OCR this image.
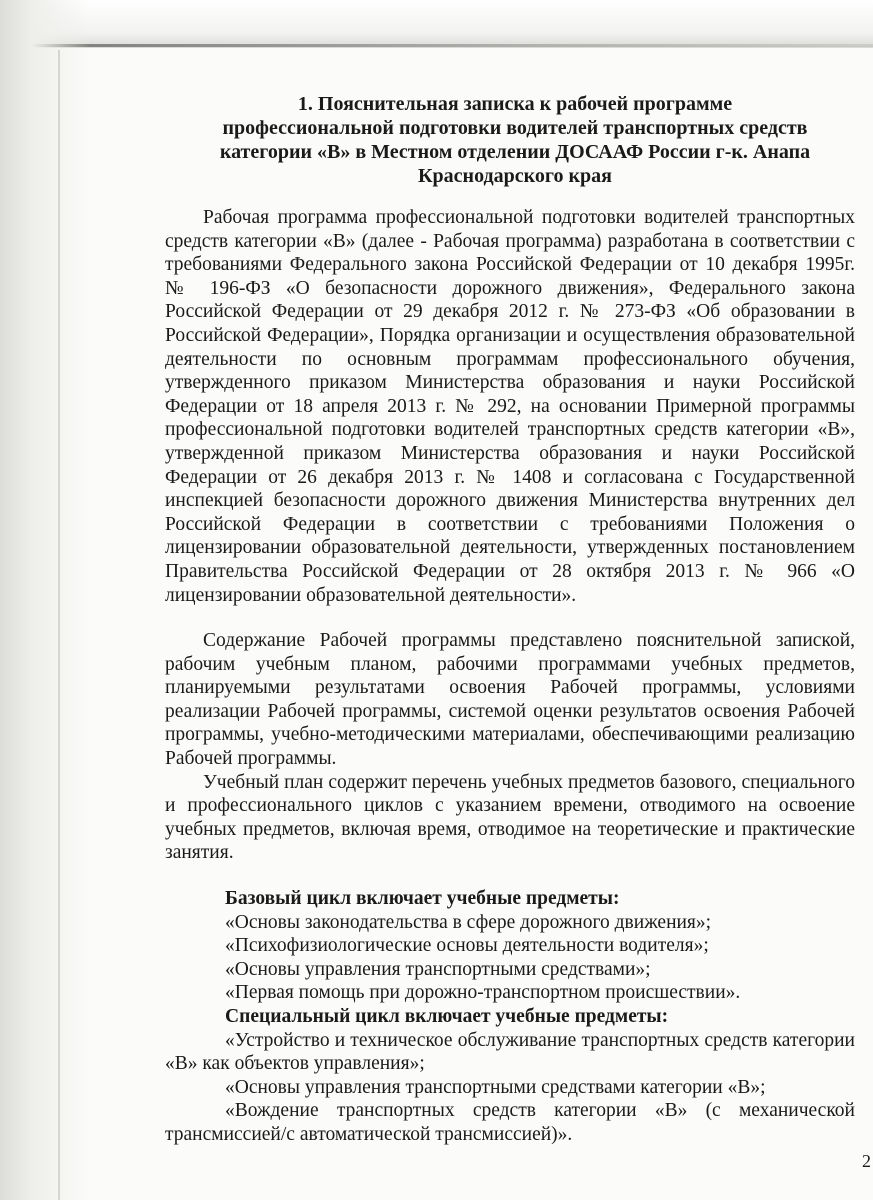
1. Пояснительная записка к рабочей программе
профессиональной подготовки водителей транспортных средств
категории «В» в Местном отделении ДОСААФ России г-к. Анапа
Краснодарского края

Рабочая программа профессиональной подготовки водителей транспортных средств категории «В» (далее - Рабочая программа) разработана в соответствии с требованиями Федерального закона Российской Федерации от 10 декабря 1995г. № 196-ФЗ «О безопасности дорожного движения», Федерального закона Российской Федерации от 29 декабря 2012 г. № 273-ФЗ «Об образовании в Российской Федерации», Порядка организации и осуществления образовательной деятельности по основным программам профессионального обучения, утвержденного приказом Министерства образования и науки Российской Федерации от 18 апреля 2013 г. № 292, на основании Примерной программы профессиональной подготовки водителей транспортных средств категории «В», утвержденной приказом Министерства образования и науки Российской Федерации от 26 декабря 2013 г. № 1408 и согласована с Государственной инспекцией безопасности дорожного движения Министерства внутренних дел Российской Федерации в соответствии с требованиями Положения о лицензировании образовательной деятельности, утвержденных постановлением Правительства Российской Федерации от 28 октября 2013 г. № 966 «О лицензировании образовательной деятельности».

Содержание Рабочей программы представлено пояснительной запиской, рабочим учебным планом, рабочими программами учебных предметов, планируемыми результатами освоения Рабочей программы, условиями реализации Рабочей программы, системой оценки результатов освоения Рабочей программы, учебно-методическими материалами, обеспечивающими реализацию Рабочей программы.

Учебный план содержит перечень учебных предметов базового, специального и профессионального циклов с указанием времени, отводимого на освоение учебных предметов, включая время, отводимое на теоретические и практические занятия.

Базовый цикл включает учебные предметы:
«Основы законодательства в сфере дорожного движения»;
«Психофизиологические основы деятельности водителя»;
«Основы управления транспортными средствами»;
«Первая помощь при дорожно-транспортном происшествии».
Специальный цикл включает учебные предметы:
«Устройство и техническое обслуживание транспортных средств категории «В» как объектов управления»;
«Основы управления транспортными средствами категории «В»;
«Вождение транспортных средств категории «В» (с механической трансмиссией/с автоматической трансмиссией)».
2
